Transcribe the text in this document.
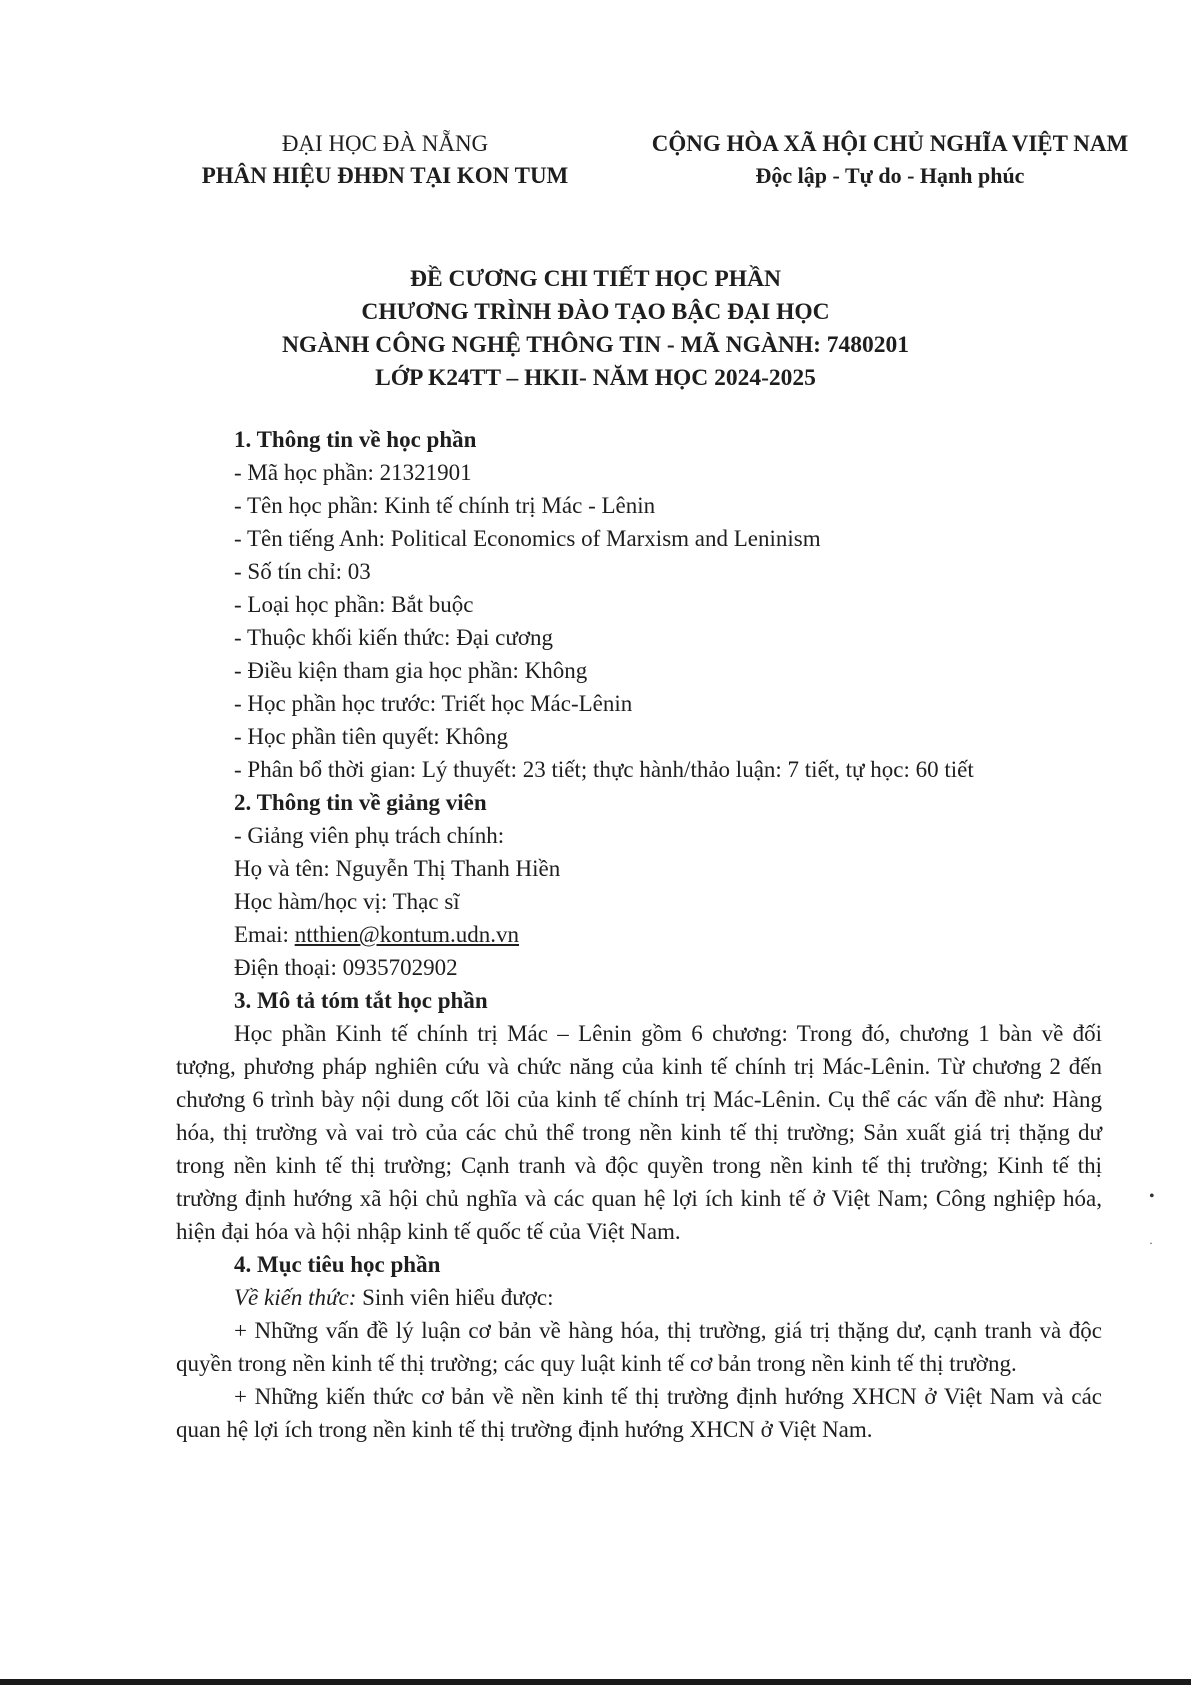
ĐẠI HỌC ĐÀ NẴNG
PHÂN HIỆU ĐHĐN TẠI KON TUM
CỘNG HÒA XÃ HỘI CHỦ NGHĨA VIỆT NAM
Độc lập - Tự do - Hạnh phúc
ĐỀ CƯƠNG CHI TIẾT HỌC PHẦN
CHƯƠNG TRÌNH ĐÀO TẠO BẬC ĐẠI HỌC
NGÀNH CÔNG NGHỆ THÔNG TIN - MÃ NGÀNH: 7480201
LỚP K24TT – HKII- NĂM HỌC 2024-2025
1. Thông tin về học phần
- Mã học phần: 21321901
- Tên học phần: Kinh tế chính trị Mác - Lênin
- Tên tiếng Anh: Political Economics of Marxism and Leninism
- Số tín chỉ: 03
- Loại học phần: Bắt buộc
- Thuộc khối kiến thức: Đại cương
- Điều kiện tham gia học phần: Không
- Học phần học trước: Triết học Mác-Lênin
- Học phần tiên quyết: Không
- Phân bổ thời gian: Lý thuyết: 23 tiết; thực hành/thảo luận: 7 tiết, tự học: 60 tiết
2. Thông tin về giảng viên
- Giảng viên phụ trách chính:
Họ và tên: Nguyễn Thị Thanh Hiền
Học hàm/học vị: Thạc sĩ
Emai: ntthien@kontum.udn.vn
Điện thoại: 0935702902
3. Mô tả tóm tắt học phần
Học phần Kinh tế chính trị Mác – Lênin gồm 6 chương: Trong đó, chương 1 bàn về đối tượng, phương pháp nghiên cứu và chức năng của kinh tế chính trị Mác-Lênin. Từ chương 2 đến chương 6 trình bày nội dung cốt lõi của kinh tế chính trị Mác-Lênin. Cụ thể các vấn đề như: Hàng hóa, thị trường và vai trò của các chủ thể trong nền kinh tế thị trường; Sản xuất giá trị thặng dư trong nền kinh tế thị trường; Cạnh tranh và độc quyền trong nền kinh tế thị trường; Kinh tế thị trường định hướng xã hội chủ nghĩa và các quan hệ lợi ích kinh tế ở Việt Nam; Công nghiệp hóa, hiện đại hóa và hội nhập kinh tế quốc tế của Việt Nam.
4. Mục tiêu học phần
Về kiến thức: Sinh viên hiểu được:
+ Những vấn đề lý luận cơ bản về hàng hóa, thị trường, giá trị thặng dư, cạnh tranh và độc quyền trong nền kinh tế thị trường; các quy luật kinh tế cơ bản trong nền kinh tế thị trường.
+ Những kiến thức cơ bản về nền kinh tế thị trường định hướng XHCN ở Việt Nam và các quan hệ lợi ích trong nền kinh tế thị trường định hướng XHCN ở Việt Nam.
•
·
